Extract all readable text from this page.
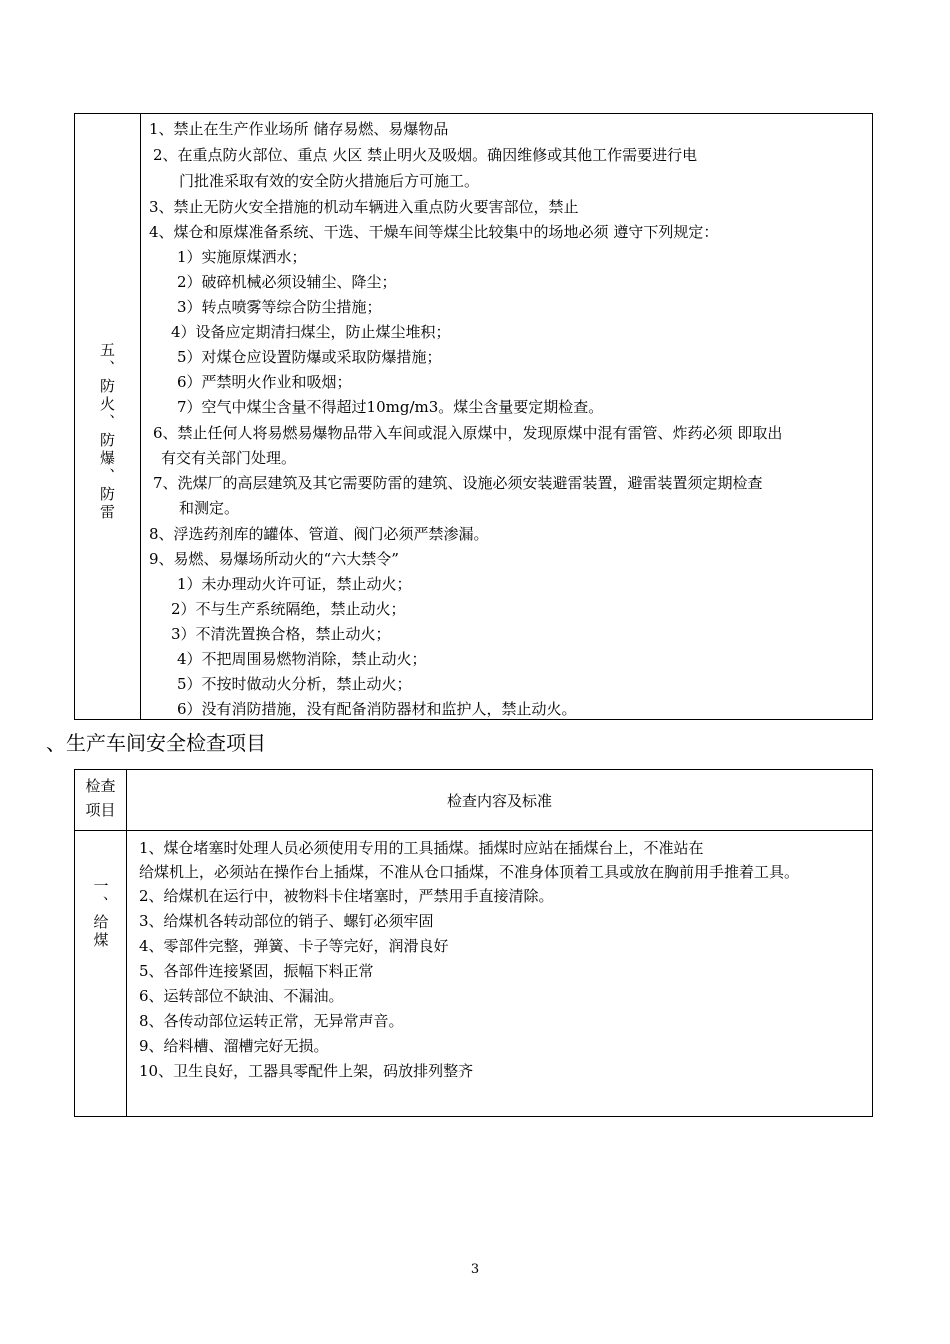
五、防火、防爆、防雷
1、禁止在生产作业场所 储存易燃、易爆物品
2、在重点防火部位、重点 火区 禁止明火及吸烟。确因维修或其他工作需要进行电
门批准采取有效的安全防火措施后方可施工。
3、禁止无防火安全措施的机动车辆进入重点防火要害部位，禁止
4、煤仓和原煤准备系统、干选、干燥车间等煤尘比较集中的场地必须 遵守下列规定：
1）实施原煤洒水；
2）破碎机械必须设辅尘、降尘；
3）转点喷雾等综合防尘措施；
4）设备应定期清扫煤尘，防止煤尘堆积；
5）对煤仓应设置防爆或采取防爆措施；
6）严禁明火作业和吸烟；
7）空气中煤尘含量不得超过10mg/m3。煤尘含量要定期检查。
6、禁止任何人将易燃易爆物品带入车间或混入原煤中，发现原煤中混有雷管、炸药必须 即取出
有交有关部门处理。
7、洗煤厂的高层建筑及其它需要防雷的建筑、设施必须安装避雷装置，避雷装置须定期检查
和测定。
8、浮选药剂库的罐体、管道、阀门必须严禁渗漏。
9、易燃、易爆场所动火的“六大禁令”
1）未办理动火许可证，禁止动火；
2）不与生产系统隔绝，禁止动火；
3）不清洗置换合格，禁止动火；
4）不把周围易燃物消除，禁止动火；
5）不按时做动火分析，禁止动火；
6）没有消防措施，没有配备消防器材和监护人，禁止动火。
、生产车间安全检查项目
检查
项目	检查内容及标准
一、给煤
1、煤仓堵塞时处理人员必须使用专用的工具插煤。插煤时应站在插煤台上，不准站在
给煤机上，必须站在操作台上插煤，不准从仓口插煤，不准身体顶着工具或放在胸前用手推着工具。
2、给煤机在运行中，被物料卡住堵塞时，严禁用手直接清除。
3、给煤机各转动部位的销子、螺钉必须牢固
4、零部件完整，弹簧、卡子等完好，润滑良好
5、各部件连接紧固，振幅下料正常
6、运转部位不缺油、不漏油。
8、各传动部位运转正常，无异常声音。
9、给料槽、溜槽完好无损。
10、卫生良好，工器具零配件上架，码放排列整齐
3
